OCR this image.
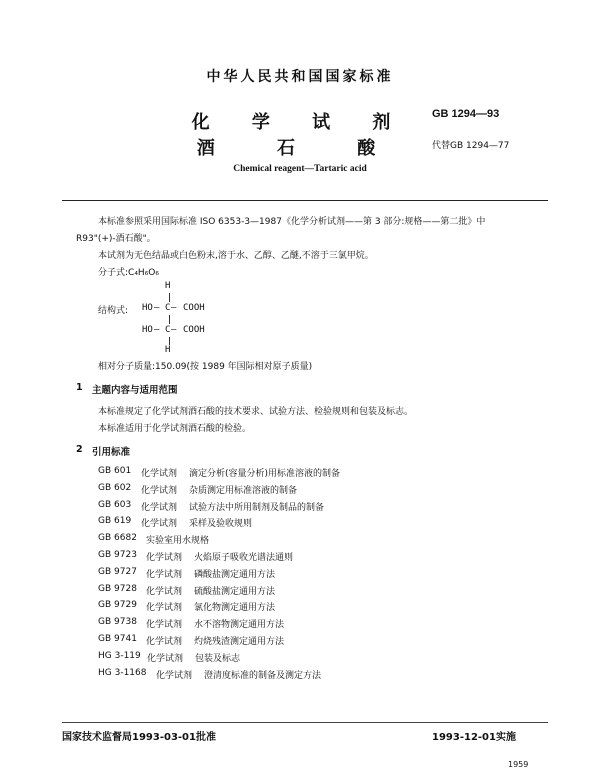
中华人民共和国国家标准
化 学 试 剂
酒 石 酸
GB 1294—93
代替GB 1294—77
Chemical reagent—Tartaric acid
本标准参照采用国际标准 ISO 6353-3—1987《化学分析试剂——第 3 部分:规格——第二批》中
R93"(+)-酒石酸"。
本试剂为无色结晶或白色粉末,溶于水、乙醇、乙醚,不溶于三氯甲烷。
分子式:C₄H₆O₆
H
结构式: HO — C — COOH
HO — C — COOH
H
相对分子质量:150.09(按 1989 年国际相对原子质量)
1 主题内容与适用范围
本标准规定了化学试剂酒石酸的技术要求、试验方法、检验规则和包装及标志。
本标准适用于化学试剂酒石酸的检验。
2 引用标准
GB 601 化学试剂 滴定分析(容量分析)用标准溶液的制备
GB 602 化学试剂 杂质测定用标准溶液的制备
GB 603 化学试剂 试验方法中所用制剂及制品的制备
GB 619 化学试剂 采样及验收规则
GB 6682 实验室用水规格
GB 9723 化学试剂 火焰原子吸收光谱法通则
GB 9727 化学试剂 磷酸盐测定通用方法
GB 9728 化学试剂 硫酸盐测定通用方法
GB 9729 化学试剂 氯化物测定通用方法
GB 9738 化学试剂 水不溶物测定通用方法
GB 9741 化学试剂 灼烧残渣测定通用方法
HG 3-119 化学试剂 包装及标志
HG 3-1168 化学试剂 澄清度标准的制备及测定方法
国家技术监督局1993-03-01批准	1993-12-01实施
1959
